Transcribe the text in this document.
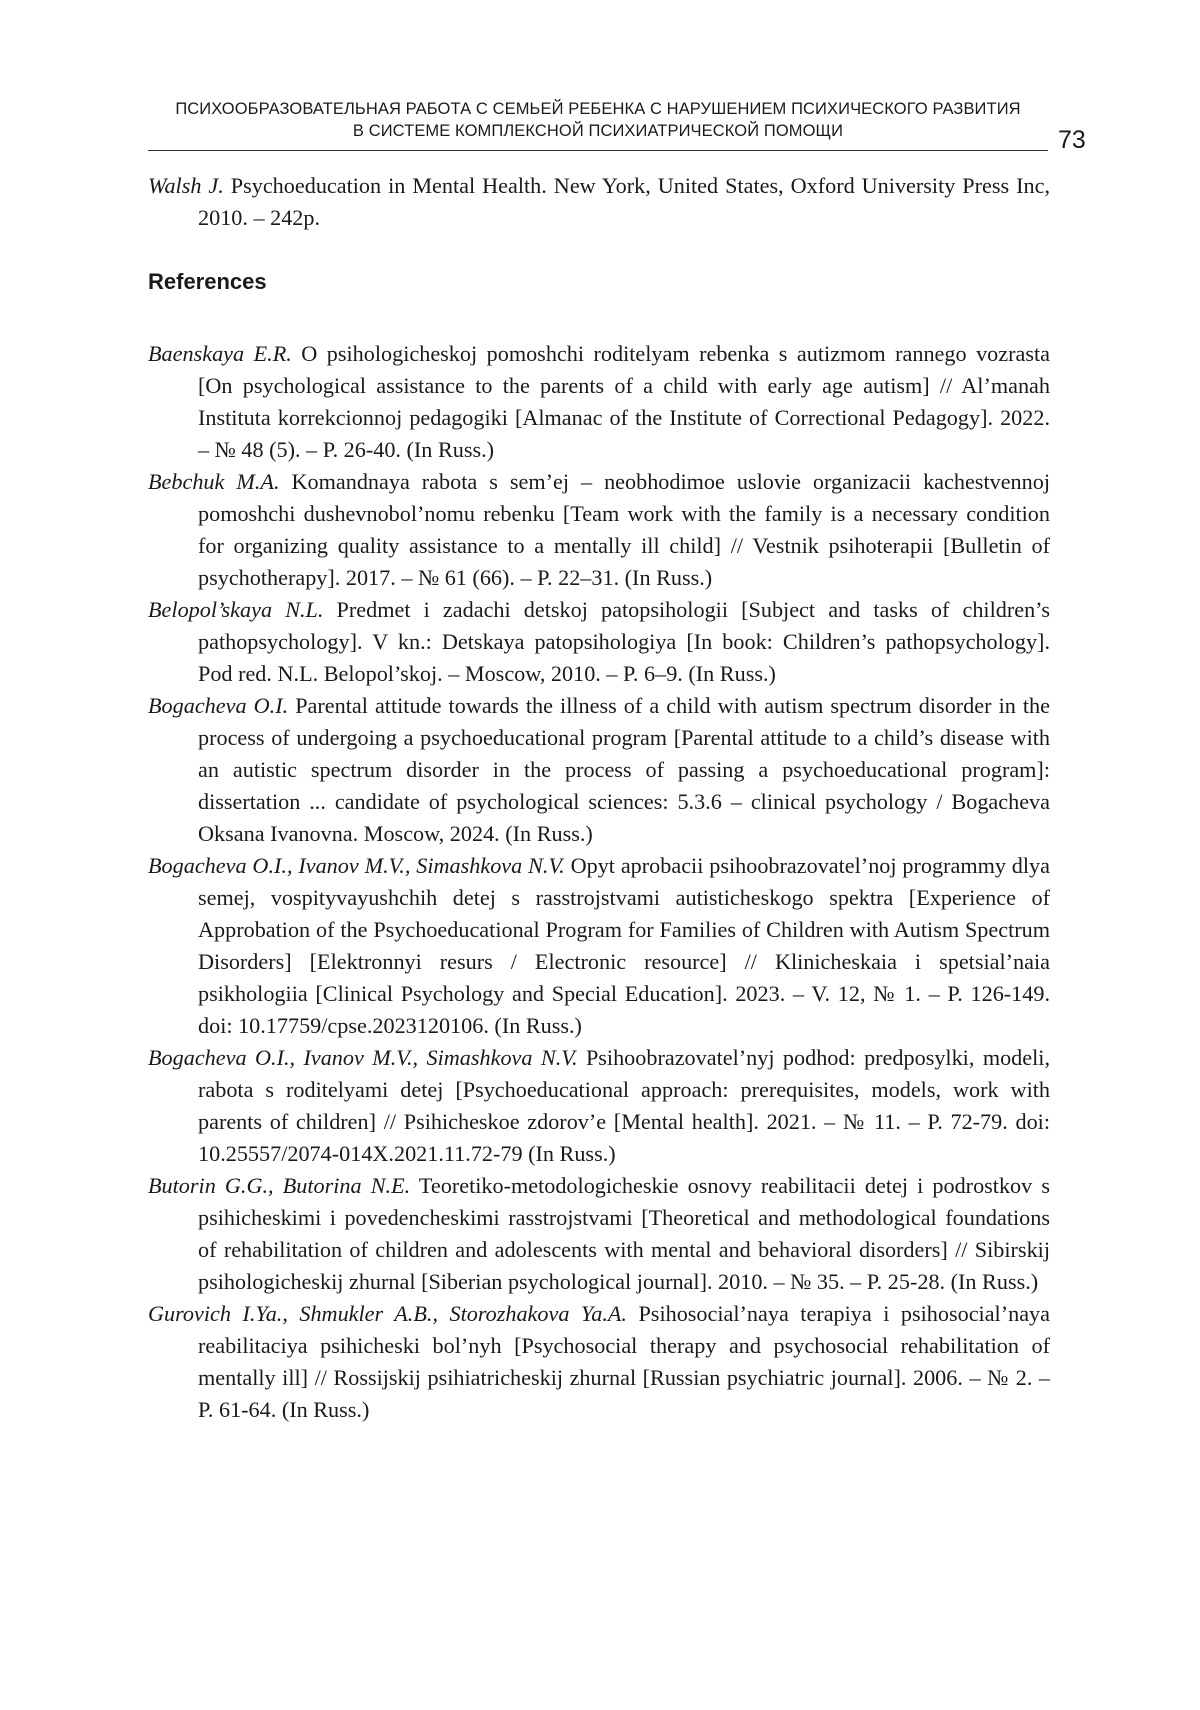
ПСИХООБРАЗОВАТЕЛЬНАЯ РАБОТА С СЕМЬЕЙ РЕБЕНКА С НАРУШЕНИЕМ ПСИХИЧЕСКОГО РАЗВИТИЯ
В СИСТЕМЕ КОМПЛЕКСНОЙ ПСИХИАТРИЧЕСКОЙ ПОМОЩИ	73

Walsh J. Psychoeducation in Mental Health. New York, United States, Oxford University Press Inc, 2010. – 242p.

References

Baenskaya E.R. O psihologicheskoj pomoshchi roditelyam rebenka s autizmom rannego vozrasta [On psychological assistance to the parents of a child with early age autism] // Al’manah Instituta korrekcionnoj pedagogiki [Almanac of the Institute of Correctional Pedagogy]. 2022. – № 48 (5). – P. 26-40. (In Russ.)

Bebchuk M.A. Komandnaya rabota s sem’ej – neobhodimoe uslovie organizacii kachestvennoj pomoshchi dushevnobol’nomu rebenku [Team work with the family is a necessary condition for organizing quality assistance to a mentally ill child] // Vestnik psihoterapii [Bulletin of psychotherapy]. 2017. – № 61 (66). – P. 22–31. (In Russ.)

Belopol’skaya N.L. Predmet i zadachi detskoj patopsihologii [Subject and tasks of children’s pathopsychology]. V kn.: Detskaya patopsihologiya [In book: Children’s pathopsychology]. Pod red. N.L. Belopol’skoj. – Moscow, 2010. – P. 6–9. (In Russ.)

Bogacheva O.I. Parental attitude towards the illness of a child with autism spectrum disorder in the process of undergoing a psychoeducational program [Parental attitude to a child’s disease with an autistic spectrum disorder in the process of passing a psychoeducational program]: dissertation ... candidate of psychological sciences: 5.3.6 – clinical psychology / Bogacheva Oksana Ivanovna. Moscow, 2024. (In Russ.)

Bogacheva O.I., Ivanov M.V., Simashkova N.V. Opyt aprobacii psihoobrazovatel’noj programmy dlya semej, vospityvayushchih detej s rasstrojstvami autisticheskogo spektra [Experience of Approbation of the Psychoeducational Program for Families of Children with Autism Spectrum Disorders] [Elektronnyi resurs / Electronic resource] // Klinicheskaia i spetsial’naia psikhologiia [Clinical Psychology and Special Education]. 2023. – V. 12, № 1. – P. 126-149. doi: 10.17759/cpse.2023120106. (In Russ.)

Bogacheva O.I., Ivanov M.V., Simashkova N.V. Psihoobrazovatel’nyj podhod: predposylki, modeli, rabota s roditelyami detej [Psychoeducational approach: prerequisites, models, work with parents of children] // Psihicheskoe zdorov’e [Mental health]. 2021. – № 11. – P. 72-79. doi: 10.25557/2074-014X.2021.11.72-79 (In Russ.)

Butorin G.G., Butorina N.E. Teoretiko-metodologicheskie osnovy reabilitacii detej i podrostkov s psihicheskimi i povedencheskimi rasstrojstvami [Theoretical and methodological foundations of rehabilitation of children and adolescents with mental and behavioral disorders] // Sibirskij psihologicheskij zhurnal [Siberian psychological journal]. 2010. – № 35. – P. 25-28. (In Russ.)

Gurovich I.Ya., Shmukler A.B., Storozhakova Ya.A. Psihosocial’naya terapiya i psihosocial’naya reabilitaciya psihicheski bol’nyh [Psychosocial therapy and psychosocial rehabilitation of mentally ill] // Rossijskij psihiatricheskij zhurnal [Russian psychiatric journal]. 2006. – № 2. – P. 61-64. (In Russ.)
